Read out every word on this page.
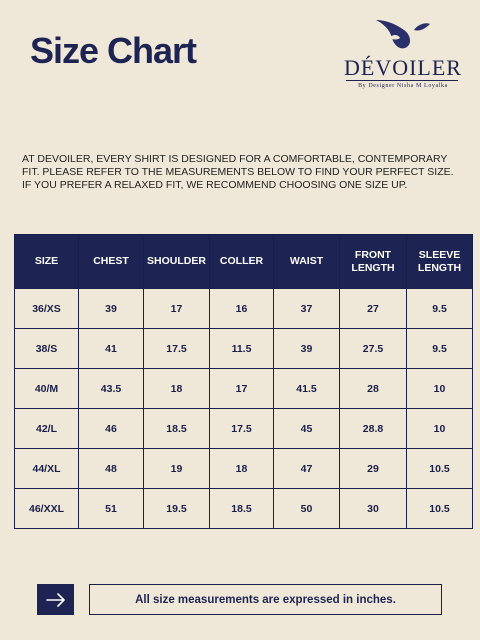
Size Chart	DÉVOILER
By Designer Nisha M Loyalka
AT DEVOILER, EVERY SHIRT IS DESIGNED FOR A COMFORTABLE, CONTEMPORARY FIT. PLEASE REFER TO THE MEASUREMENTS BELOW TO FIND YOUR PERFECT SIZE. IF YOU PREFER A RELAXED FIT, WE RECOMMEND CHOOSING ONE SIZE UP.
SIZE	CHEST	SHOULDER	COLLER	WAIST	FRONT LENGTH	SLEEVE LENGTH
36/XS	39	17	16	37	27	9.5
38/S	41	17.5	11.5	39	27.5	9.5
40/M	43.5	18	17	41.5	28	10
42/L	46	18.5	17.5	45	28.8	10
44/XL	48	19	18	47	29	10.5
46/XXL	51	19.5	18.5	50	30	10.5
All size measurements are expressed in inches.
